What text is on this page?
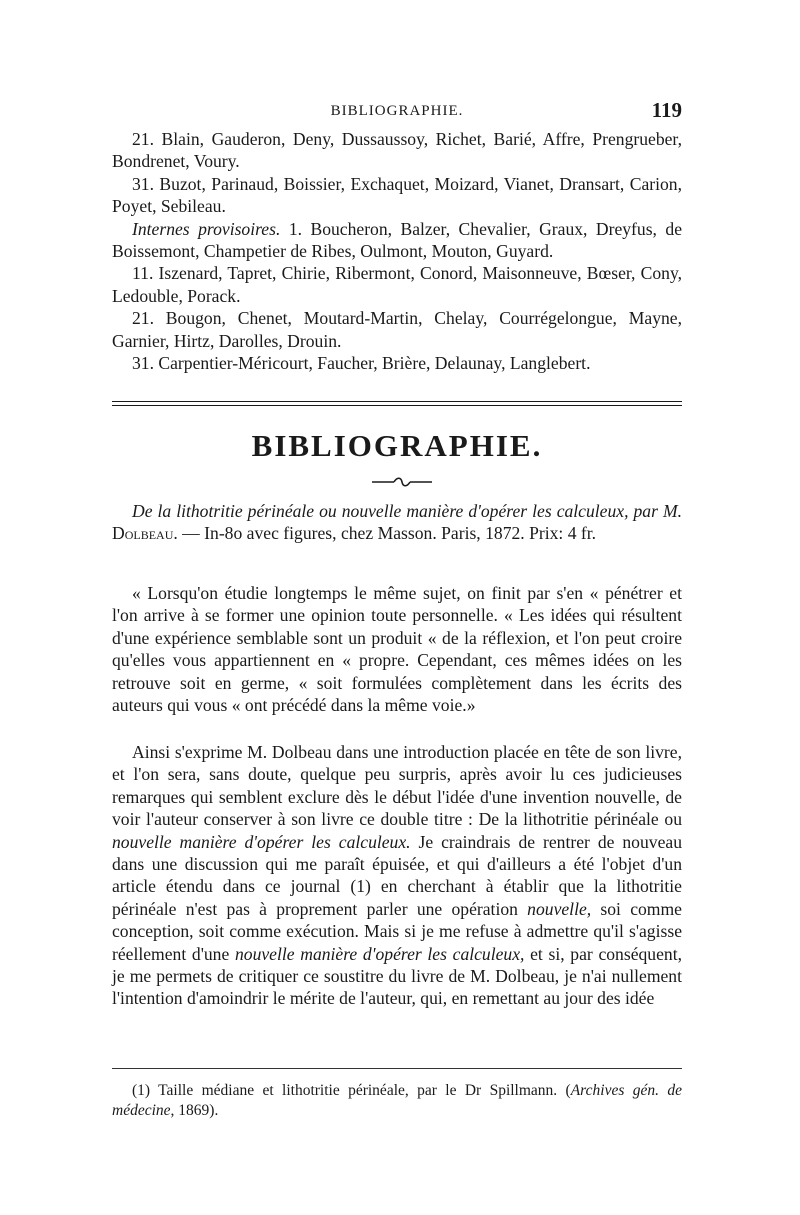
BIBLIOGRAPHIE.	119

21. Blain, Gauderon, Deny, Dussaussoy, Richet, Barié, Affre, Prengrueber, Bondrenet, Voury.

31. Buzot, Parinaud, Boissier, Exchaquet, Moizard, Vianet, Dransart, Carion, Poyet, Sebileau.

Internes provisoires. 1. Boucheron, Balzer, Chevalier, Graux, Dreyfus, de Boissemont, Champetier de Ribes, Oulmont, Mouton, Guyard.

11. Iszenard, Tapret, Chirie, Ribermont, Conord, Maisonneuve, Bœser, Cony, Ledouble, Porack.

21. Bougon, Chenet, Moutard-Martin, Chelay, Courrégelongue, Mayne, Garnier, Hirtz, Darolles, Drouin.

31. Carpentier-Méricourt, Faucher, Brière, Delaunay, Langlebert.

BIBLIOGRAPHIE.

De la lithotritie périnéale ou nouvelle manière d'opérer les calculeux, par M. Dolbeau. — In-8o avec figures, chez Masson. Paris, 1872. Prix: 4 fr.

« Lorsqu'on étudie longtemps le même sujet, on finit par s'en « pénétrer et l'on arrive à se former une opinion toute personnelle. « Les idées qui résultent d'une expérience semblable sont un produit « de la réflexion, et l'on peut croire qu'elles vous appartiennent en « propre. Cependant, ces mêmes idées on les retrouve soit en germe, « soit formulées complètement dans les écrits des auteurs qui vous « ont précédé dans la même voie.»

Ainsi s'exprime M. Dolbeau dans une introduction placée en tête de son livre, et l'on sera, sans doute, quelque peu surpris, après avoir lu ces judicieuses remarques qui semblent exclure dès le début l'idée d'une invention nouvelle, de voir l'auteur conserver à son livre ce double titre : De la lithotritie périnéale ou nouvelle manière d'opérer les calculeux. Je craindrais de rentrer de nouveau dans une discussion qui me paraît épuisée, et qui d'ailleurs a été l'objet d'un article étendu dans ce journal (1) en cherchant à établir que la lithotritie périnéale n'est pas à proprement parler une opération nouvelle, soi comme conception, soit comme exécution. Mais si je me refuse à admettre qu'il s'agisse réellement d'une nouvelle manière d'opérer les calculeux, et si, par conséquent, je me permets de critiquer ce soustitre du livre de M. Dolbeau, je n'ai nullement l'intention d'amoindrir le mérite de l'auteur, qui, en remettant au jour des idée

(1) Taille médiane et lithotritie périnéale, par le Dr Spillmann. (Archives gén. de médecine, 1869).
